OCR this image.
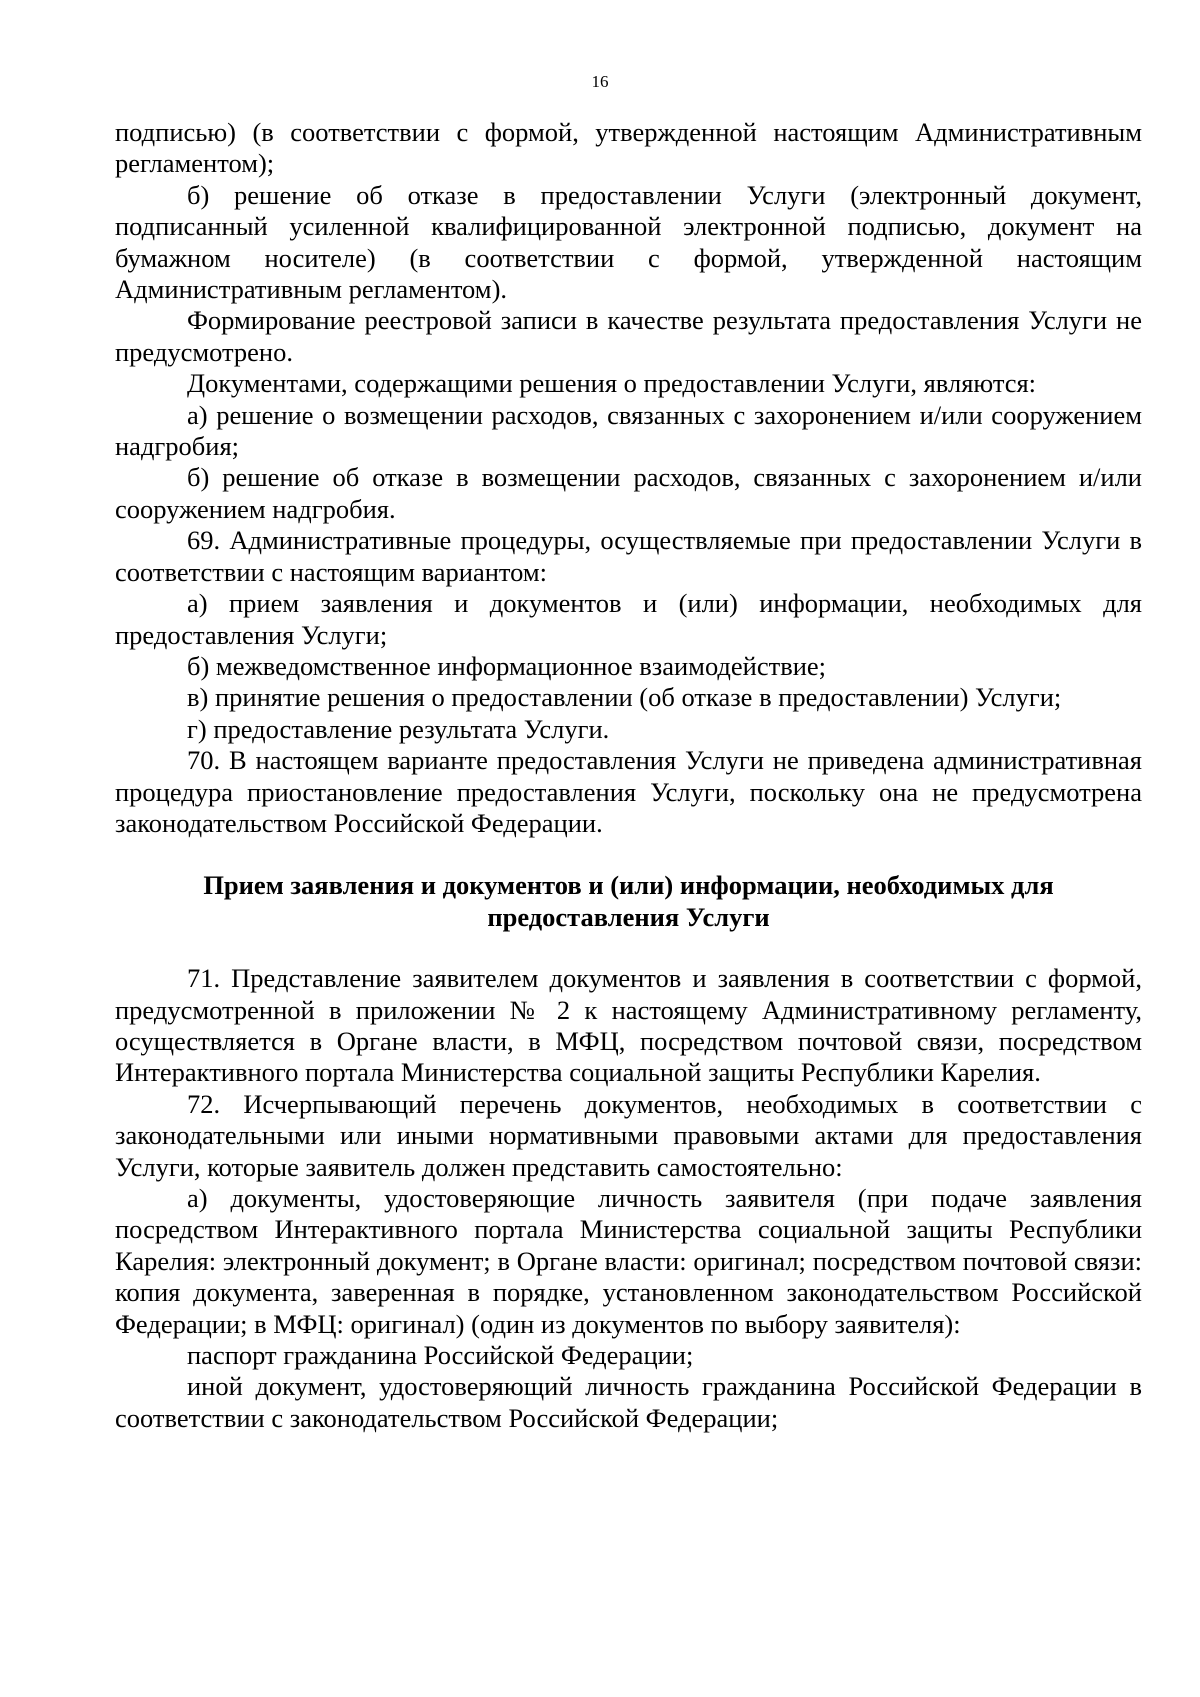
16

подписью) (в соответствии с формой, утвержденной настоящим Административным регламентом);

б) решение об отказе в предоставлении Услуги (электронный документ, подписанный усиленной квалифицированной электронной подписью, документ на бумажном носителе) (в соответствии с формой, утвержденной настоящим Административным регламентом).

Формирование реестровой записи в качестве результата предоставления Услуги не предусмотрено.

Документами, содержащими решения о предоставлении Услуги, являются:

а) решение о возмещении расходов, связанных с захоронением и/или сооружением надгробия;

б) решение об отказе в возмещении расходов, связанных с захоронением и/или сооружением надгробия.

69. Административные процедуры, осуществляемые при предоставлении Услуги в соответствии с настоящим вариантом:

а) прием заявления и документов и (или) информации, необходимых для предоставления Услуги;

б) межведомственное информационное взаимодействие;

в) принятие решения о предоставлении (об отказе в предоставлении) Услуги;

г) предоставление результата Услуги.

70. В настоящем варианте предоставления Услуги не приведена административная процедура приостановление предоставления Услуги, поскольку она не предусмотрена законодательством Российской Федерации.

Прием заявления и документов и (или) информации, необходимых для предоставления Услуги

71. Представление заявителем документов и заявления в соответствии с формой, предусмотренной в приложении № 2 к настоящему Административному регламенту, осуществляется в Органе власти, в МФЦ, посредством почтовой связи, посредством Интерактивного портала Министерства социальной защиты Республики Карелия.

72. Исчерпывающий перечень документов, необходимых в соответствии с законодательными или иными нормативными правовыми актами для предоставления Услуги, которые заявитель должен представить самостоятельно:

а) документы, удостоверяющие личность заявителя (при подаче заявления посредством Интерактивного портала Министерства социальной защиты Республики Карелия: электронный документ; в Органе власти: оригинал; посредством почтовой связи: копия документа, заверенная в порядке, установленном законодательством Российской Федерации; в МФЦ: оригинал) (один из документов по выбору заявителя):

паспорт гражданина Российской Федерации;

иной документ, удостоверяющий личность гражданина Российской Федерации в соответствии с законодательством Российской Федерации;
